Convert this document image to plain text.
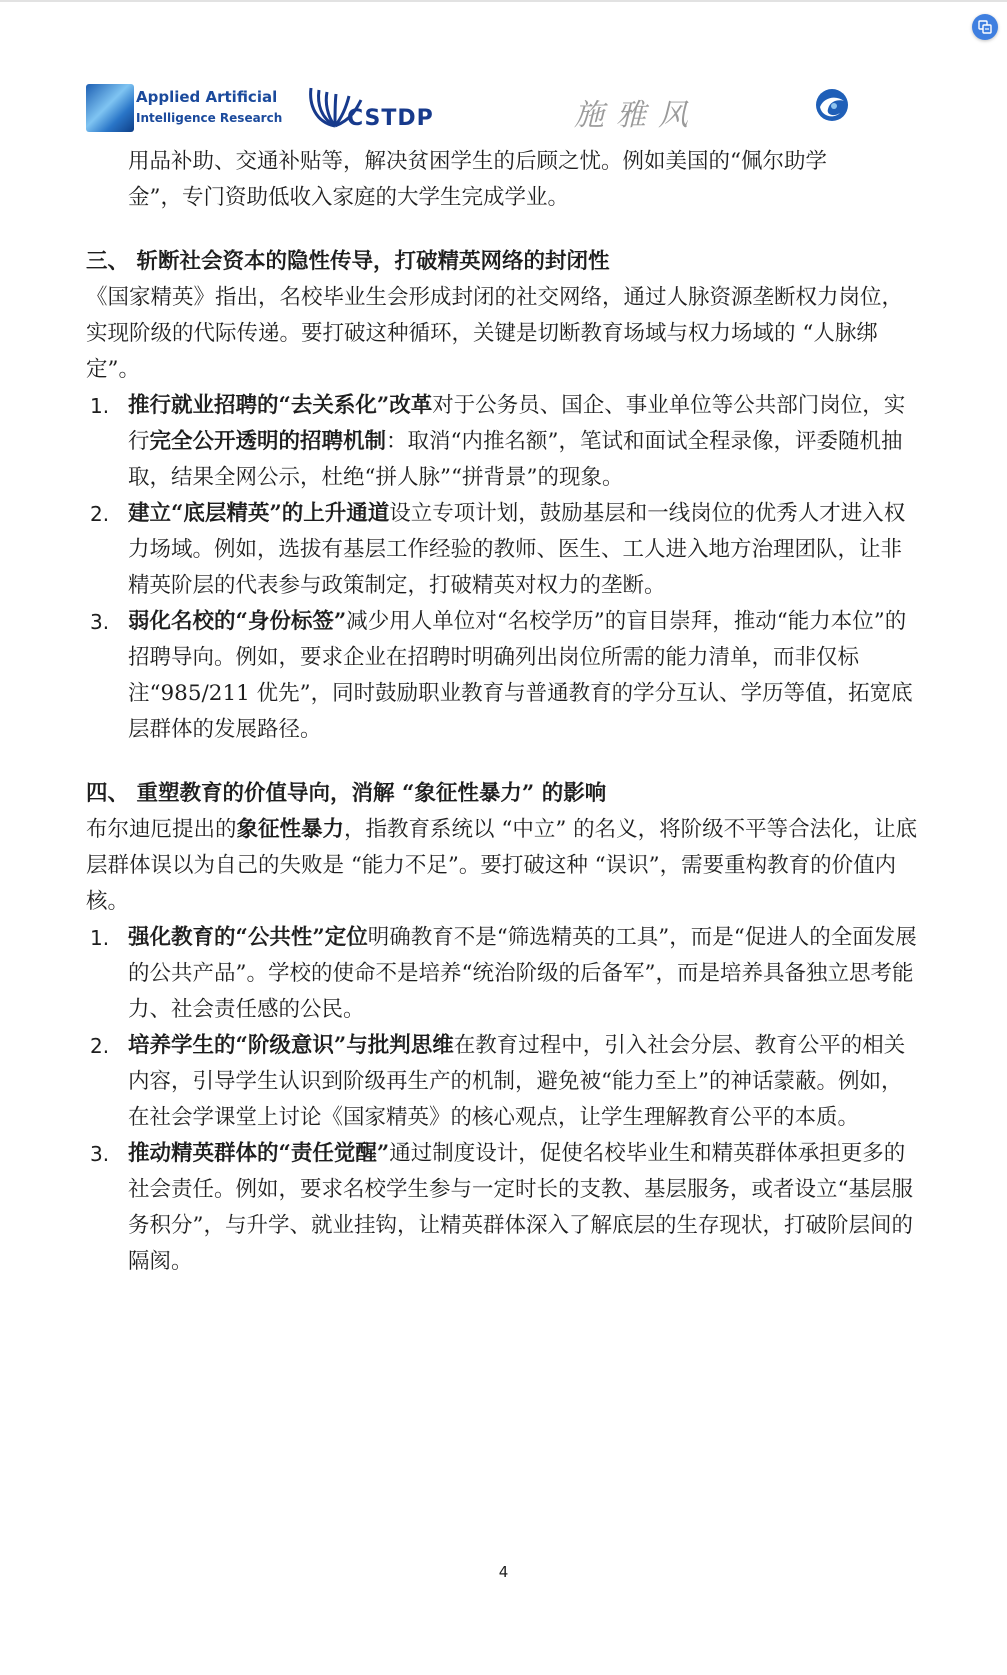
Applied Artificial
Intelligence Research	CSTDP	施雅风

用品补助、交通补贴等，解决贫困学生的后顾之忧。例如美国的“佩尔助学

金”，专门资助低收入家庭的大学生完成学业。

三、 斩断社会资本的隐性传导，打破精英网络的封闭性

《国家精英》指出，名校毕业生会形成封闭的社交网络，通过人脉资源垄断权力岗位，实现阶级的代际传递。要打破这种循环，关键是切断教育场域与权力场域的 “人脉绑定”。

1. 推行就业招聘的“去关系化”改革对于公务员、国企、事业单位等公共部门岗位，实行完全公开透明的招聘机制：取消“内推名额”，笔试和面试全程录像，评委随机抽取，结果全网公示，杜绝“拼人脉”“拼背景”的现象。
2. 建立“底层精英”的上升通道设立专项计划，鼓励基层和一线岗位的优秀人才进入权力场域。例如，选拔有基层工作经验的教师、医生、工人进入地方治理团队，让非精英阶层的代表参与政策制定，打破精英对权力的垄断。
3. 弱化名校的“身份标签”减少用人单位对“名校学历”的盲目崇拜，推动“能力本位”的招聘导向。例如，要求企业在招聘时明确列出岗位所需的能力清单，而非仅标注“985/211 优先”，同时鼓励职业教育与普通教育的学分互认、学历等值，拓宽底层群体的发展路径。
四、 重塑教育的价值导向，消解 “象征性暴力” 的影响

布尔迪厄提出的象征性暴力，指教育系统以 “中立” 的名义，将阶级不平等合法化，让底层群体误以为自己的失败是 “能力不足”。要打破这种 “误识”，需要重构教育的价值内核。

1. 强化教育的“公共性”定位明确教育不是“筛选精英的工具”，而是“促进人的全面发展的公共产品”。学校的使命不是培养“统治阶级的后备军”，而是培养具备独立思考能力、社会责任感的公民。
2. 培养学生的“阶级意识”与批判思维在教育过程中，引入社会分层、教育公平的相关内容，引导学生认识到阶级再生产的机制，避免被“能力至上”的神话蒙蔽。例如，在社会学课堂上讨论《国家精英》的核心观点，让学生理解教育公平的本质。
3. 推动精英群体的“责任觉醒”通过制度设计，促使名校毕业生和精英群体承担更多的社会责任。例如，要求名校学生参与一定时长的支教、基层服务，或者设立“基层服务积分”，与升学、就业挂钩，让精英群体深入了解底层的生存现状，打破阶层间的隔阂。
4
